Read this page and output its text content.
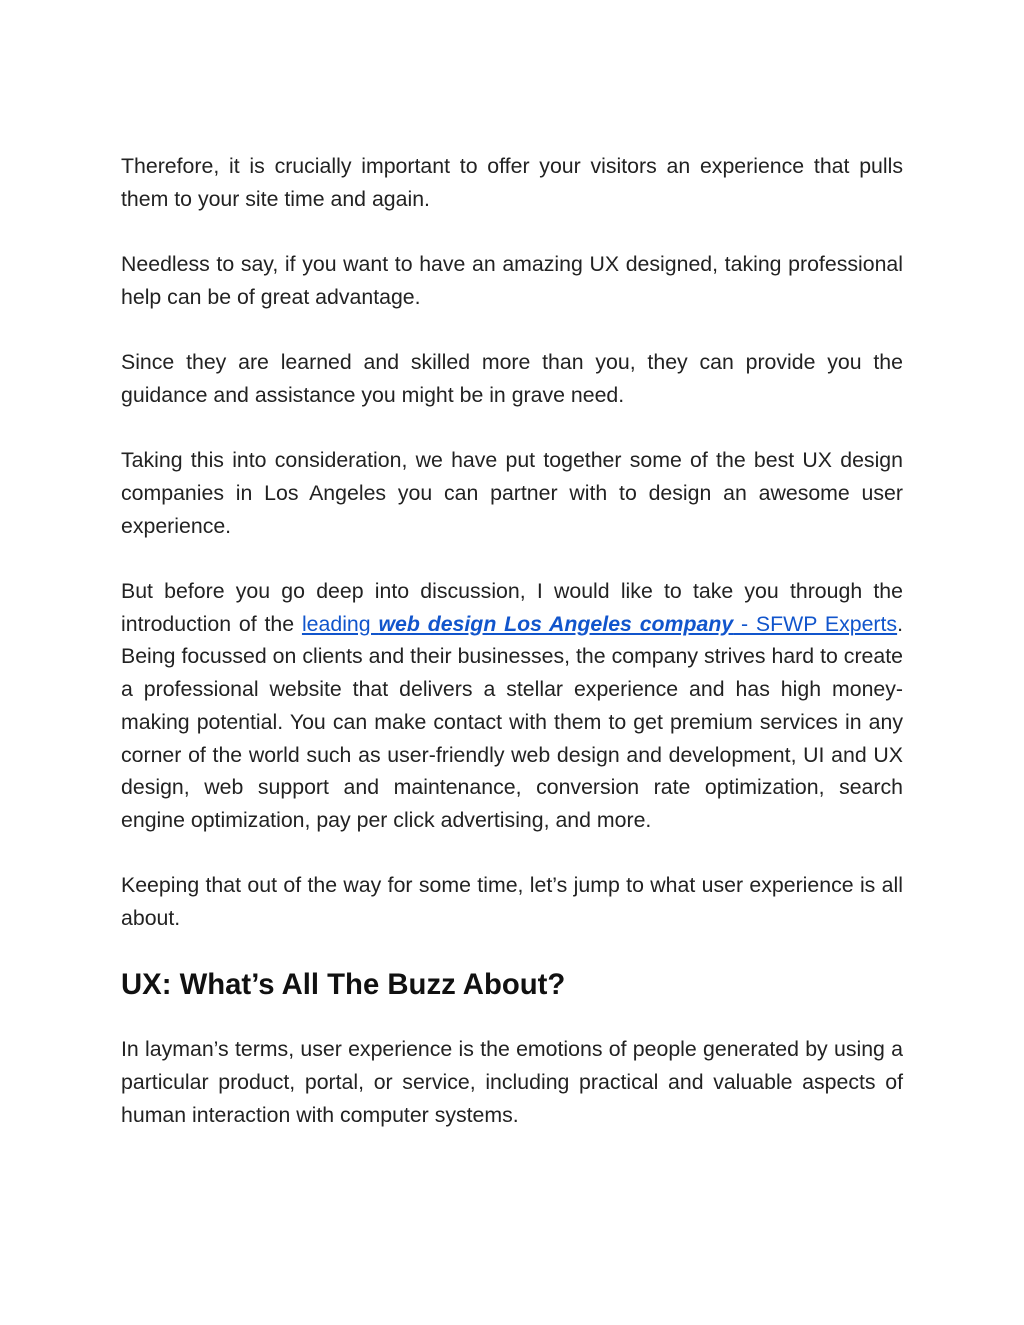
Therefore, it is crucially important to offer your visitors an experience that pulls them to your site time and again.

Needless to say, if you want to have an amazing UX designed, taking professional help can be of great advantage.

Since they are learned and skilled more than you, they can provide you the guidance and assistance you might be in grave need.

Taking this into consideration, we have put together some of the best UX design companies in Los Angeles you can partner with to design an awesome user experience.

But before you go deep into discussion, I would like to take you through the introduction of the leading web design Los Angeles company - SFWP Experts. Being focussed on clients and their businesses, the company strives hard to create a professional website that delivers a stellar experience and has high money-making potential. You can make contact with them to get premium services in any corner of the world such as user-friendly web design and development, UI and UX design, web support and maintenance, conversion rate optimization, search engine optimization, pay per click advertising, and more.

Keeping that out of the way for some time, let’s jump to what user experience is all about.

UX: What’s All The Buzz About?

In layman’s terms, user experience is the emotions of people generated by using a particular product, portal, or service, including practical and valuable aspects of human interaction with computer systems.
